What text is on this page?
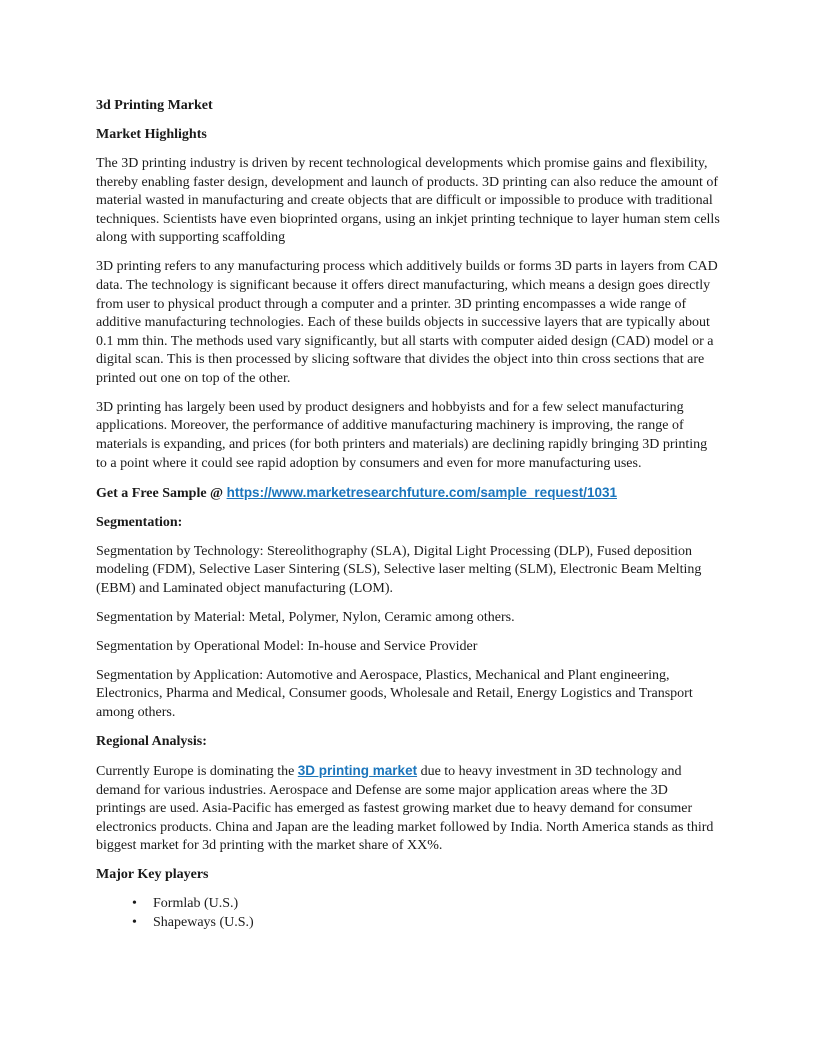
3d Printing Market

Market Highlights

The 3D printing industry is driven by recent technological developments which promise gains and flexibility, thereby enabling faster design, development and launch of products. 3D printing can also reduce the amount of material wasted in manufacturing and create objects that are difficult or impossible to produce with traditional techniques. Scientists have even bioprinted organs, using an inkjet printing technique to layer human stem cells along with supporting scaffolding

3D printing refers to any manufacturing process which additively builds or forms 3D parts in layers from CAD data. The technology is significant because it offers direct manufacturing, which means a design goes directly from user to physical product through a computer and a printer. 3D printing encompasses a wide range of additive manufacturing technologies. Each of these builds objects in successive layers that are typically about 0.1 mm thin. The methods used vary significantly, but all starts with computer aided design (CAD) model or a digital scan. This is then processed by slicing software that divides the object into thin cross sections that are printed out one on top of the other.

3D printing has largely been used by product designers and hobbyists and for a few select manufacturing applications. Moreover, the performance of additive manufacturing machinery is improving, the range of materials is expanding, and prices (for both printers and materials) are declining rapidly bringing 3D printing to a point where it could see rapid adoption by consumers and even for more manufacturing uses.

Get a Free Sample @ https://www.marketresearchfuture.com/sample_request/1031

Segmentation:

Segmentation by Technology: Stereolithography (SLA), Digital Light Processing (DLP), Fused deposition modeling (FDM), Selective Laser Sintering (SLS), Selective laser melting (SLM), Electronic Beam Melting (EBM) and Laminated object manufacturing (LOM).

Segmentation by Material: Metal, Polymer, Nylon, Ceramic among others.

Segmentation by Operational Model: In-house and Service Provider

Segmentation by Application: Automotive and Aerospace, Plastics, Mechanical and Plant engineering, Electronics, Pharma and Medical, Consumer goods, Wholesale and Retail, Energy Logistics and Transport among others.

Regional Analysis:

Currently Europe is dominating the 3D printing market due to heavy investment in 3D technology and demand for various industries. Aerospace and Defense are some major application areas where the 3D printings are used. Asia-Pacific has emerged as fastest growing market due to heavy demand for consumer electronics products. China and Japan are the leading market followed by India. North America stands as third biggest market for 3d printing with the market share of XX%.

Major Key players

• Formlab (U.S.)
• Shapeways (U.S.)
